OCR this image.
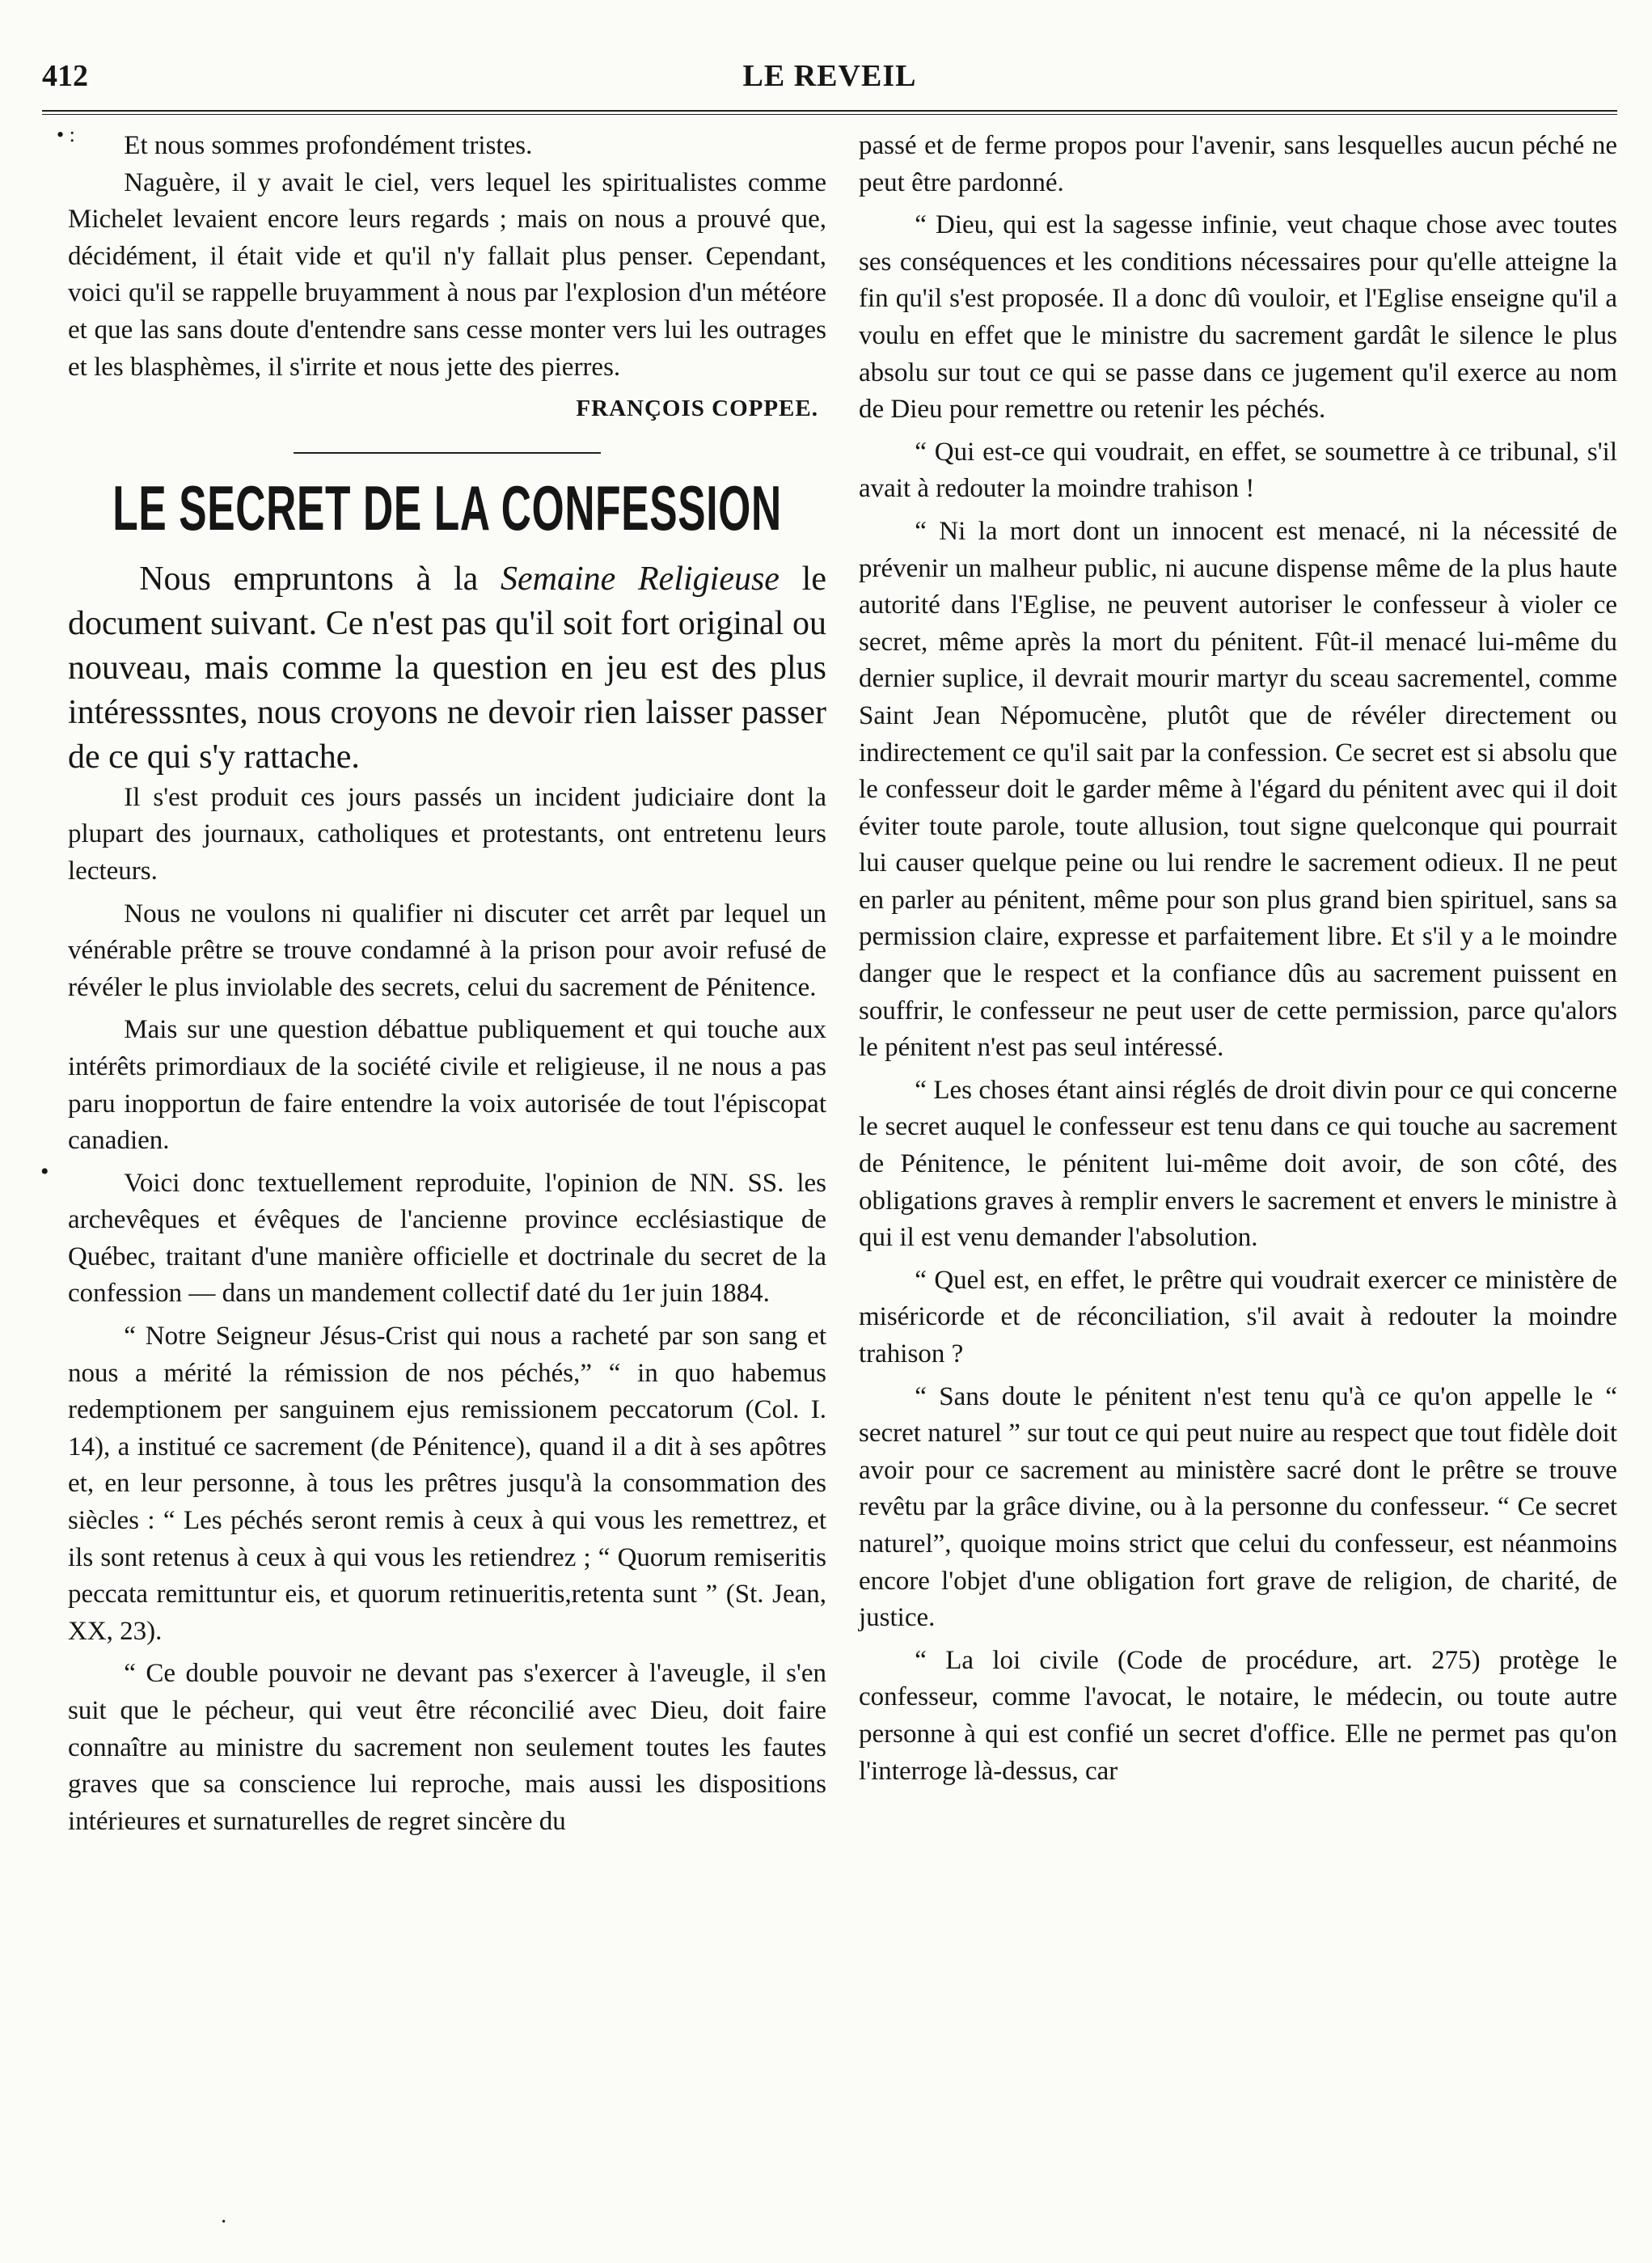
412	LE REVEIL
• :
•
·

Et nous sommes profondément tristes.

Naguère, il y avait le ciel, vers lequel les spiritualistes comme Michelet levaient encore leurs regards ; mais on nous a prouvé que, décidément, il était vide et qu'il n'y fallait plus penser. Cependant, voici qu'il se rappelle bruyamment à nous par l'explosion d'un météore et que las sans doute d'entendre sans cesse monter vers lui les outrages et les blasphèmes, il s'irrite et nous jette des pierres.

FRANÇOIS COPPEE.
LE SECRET DE LA CONFESSION

Nous empruntons à la Semaine Religieuse le document suivant. Ce n'est pas qu'il soit fort original ou nouveau, mais comme la question en jeu est des plus intéresssntes, nous croyons ne devoir rien laisser passer de ce qui s'y rattache.

Il s'est produit ces jours passés un incident judiciaire dont la plupart des journaux, catholiques et protestants, ont entretenu leurs lecteurs.

Nous ne voulons ni qualifier ni discuter cet arrêt par lequel un vénérable prêtre se trouve condamné à la prison pour avoir refusé de révéler le plus inviolable des secrets, celui du sacrement de Pénitence.

Mais sur une question débattue publiquement et qui touche aux intérêts primordiaux de la société civile et religieuse, il ne nous a pas paru inopportun de faire entendre la voix autorisée de tout l'épiscopat canadien.

Voici donc textuellement reproduite, l'opinion de NN. SS. les archevêques et évêques de l'ancienne province ecclésiastique de Québec, traitant d'une manière officielle et doctrinale du secret de la confession — dans un mandement collectif daté du 1er juin 1884.

“ Notre Seigneur Jésus-Crist qui nous a racheté par son sang et nous a mérité la rémission de nos péchés,” “ in quo habemus redemptionem per sanguinem ejus remissionem peccatorum (Col. I. 14), a institué ce sacrement (de Pénitence), quand il a dit à ses apôtres et, en leur personne, à tous les prêtres jusqu'à la consommation des siècles : “ Les péchés seront remis à ceux à qui vous les remettrez, et ils sont retenus à ceux à qui vous les retiendrez ; “ Quorum remiseritis peccata remittuntur eis, et quorum retinueritis,retenta sunt ” (St. Jean, XX, 23).

“ Ce double pouvoir ne devant pas s'exercer à l'aveugle, il s'en suit que le pécheur, qui veut être réconcilié avec Dieu, doit faire connaître au ministre du sacrement non seulement toutes les fautes graves que sa conscience lui reproche, mais aussi les dispositions intérieures et surnaturelles de regret sincère du

passé et de ferme propos pour l'avenir, sans lesquelles aucun péché ne peut être pardonné.

“ Dieu, qui est la sagesse infinie, veut chaque chose avec toutes ses conséquences et les conditions nécessaires pour qu'elle atteigne la fin qu'il s'est proposée. Il a donc dû vouloir, et l'Eglise enseigne qu'il a voulu en effet que le ministre du sacrement gardât le silence le plus absolu sur tout ce qui se passe dans ce jugement qu'il exerce au nom de Dieu pour remettre ou retenir les péchés.

“ Qui est-ce qui voudrait, en effet, se soumettre à ce tribunal, s'il avait à redouter la moindre trahison !

“ Ni la mort dont un innocent est menacé, ni la nécessité de prévenir un malheur public, ni aucune dispense même de la plus haute autorité dans l'Eglise, ne peuvent autoriser le confesseur à violer ce secret, même après la mort du pénitent. Fût-il menacé lui-même du dernier suplice, il devrait mourir martyr du sceau sacrementel, comme Saint Jean Népomucène, plutôt que de révéler directement ou indirectement ce qu'il sait par la confession. Ce secret est si absolu que le confesseur doit le garder même à l'égard du pénitent avec qui il doit éviter toute parole, toute allusion, tout signe quelconque qui pourrait lui causer quelque peine ou lui rendre le sacrement odieux. Il ne peut en parler au pénitent, même pour son plus grand bien spirituel, sans sa permission claire, expresse et parfaitement libre. Et s'il y a le moindre danger que le respect et la confiance dûs au sacrement puissent en souffrir, le confesseur ne peut user de cette permission, parce qu'alors le pénitent n'est pas seul intéressé.

“ Les choses étant ainsi réglés de droit divin pour ce qui concerne le secret auquel le confesseur est tenu dans ce qui touche au sacrement de Pénitence, le pénitent lui-même doit avoir, de son côté, des obligations graves à remplir envers le sacrement et envers le ministre à qui il est venu demander l'absolution.

“ Quel est, en effet, le prêtre qui voudrait exercer ce ministère de miséricorde et de réconciliation, s'il avait à redouter la moindre trahison ?

“ Sans doute le pénitent n'est tenu qu'à ce qu'on appelle le “ secret naturel ” sur tout ce qui peut nuire au respect que tout fidèle doit avoir pour ce sacrement au ministère sacré dont le prêtre se trouve revêtu par la grâce divine, ou à la personne du confesseur. “ Ce secret naturel”, quoique moins strict que celui du confesseur, est néanmoins encore l'objet d'une obligation fort grave de religion, de charité, de justice.

“ La loi civile (Code de procédure, art. 275) protège le confesseur, comme l'avocat, le notaire, le médecin, ou toute autre personne à qui est confié un secret d'office. Elle ne permet pas qu'on l'interroge là-dessus, car
